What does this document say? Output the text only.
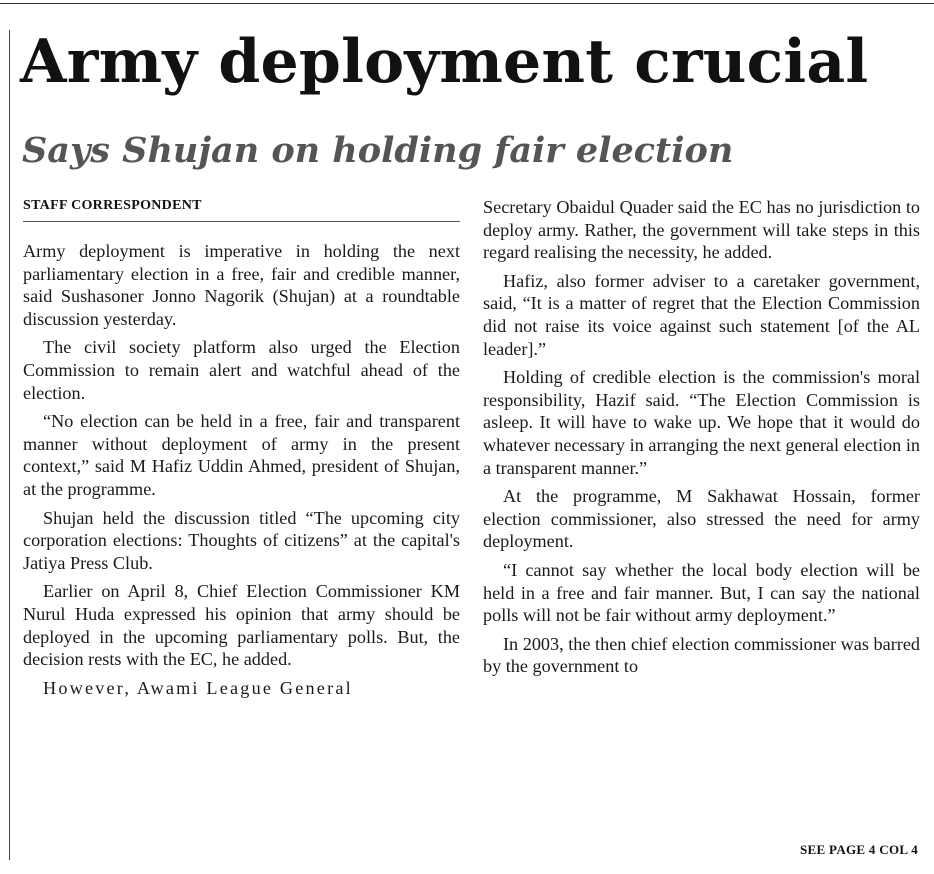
Army deployment crucial
Says Shujan on holding fair election
STAFF CORRESPONDENT

Army deployment is imperative in holding the next parliamentary election in a free, fair and credible manner, said Sushasoner Jonno Nagorik (Shujan) at a roundtable discussion yesterday.

The civil society platform also urged the Election Commission to remain alert and watchful ahead of the election.

“No election can be held in a free, fair and transparent manner without deployment of army in the present context,” said M Hafiz Uddin Ahmed, president of Shujan, at the programme.

Shujan held the discussion titled “The upcoming city corporation elections: Thoughts of citizens” at the capital's Jatiya Press Club.

Earlier on April 8, Chief Election Commissioner KM Nurul Huda expressed his opinion that army should be deployed in the upcoming parliamentary polls. But, the decision rests with the EC, he added.

However, Awami League General

Secretary Obaidul Quader said the EC has no jurisdiction to deploy army. Rather, the government will take steps in this regard realising the necessity, he added.

Hafiz, also former adviser to a caretaker government, said, “It is a matter of regret that the Election Commission did not raise its voice against such statement [of the AL leader].”

Holding of credible election is the commission's moral responsibility, Hazif said. “The Election Commission is asleep. It will have to wake up. We hope that it would do whatever necessary in arranging the next general election in a transparent manner.”

At the programme, M Sakhawat Hossain, former election commissioner, also stressed the need for army deployment.

“I cannot say whether the local body election will be held in a free and fair manner. But, I can say the national polls will not be fair without army deployment.”

In 2003, the then chief election commissioner was barred by the government to

SEE PAGE 4 COL 4
